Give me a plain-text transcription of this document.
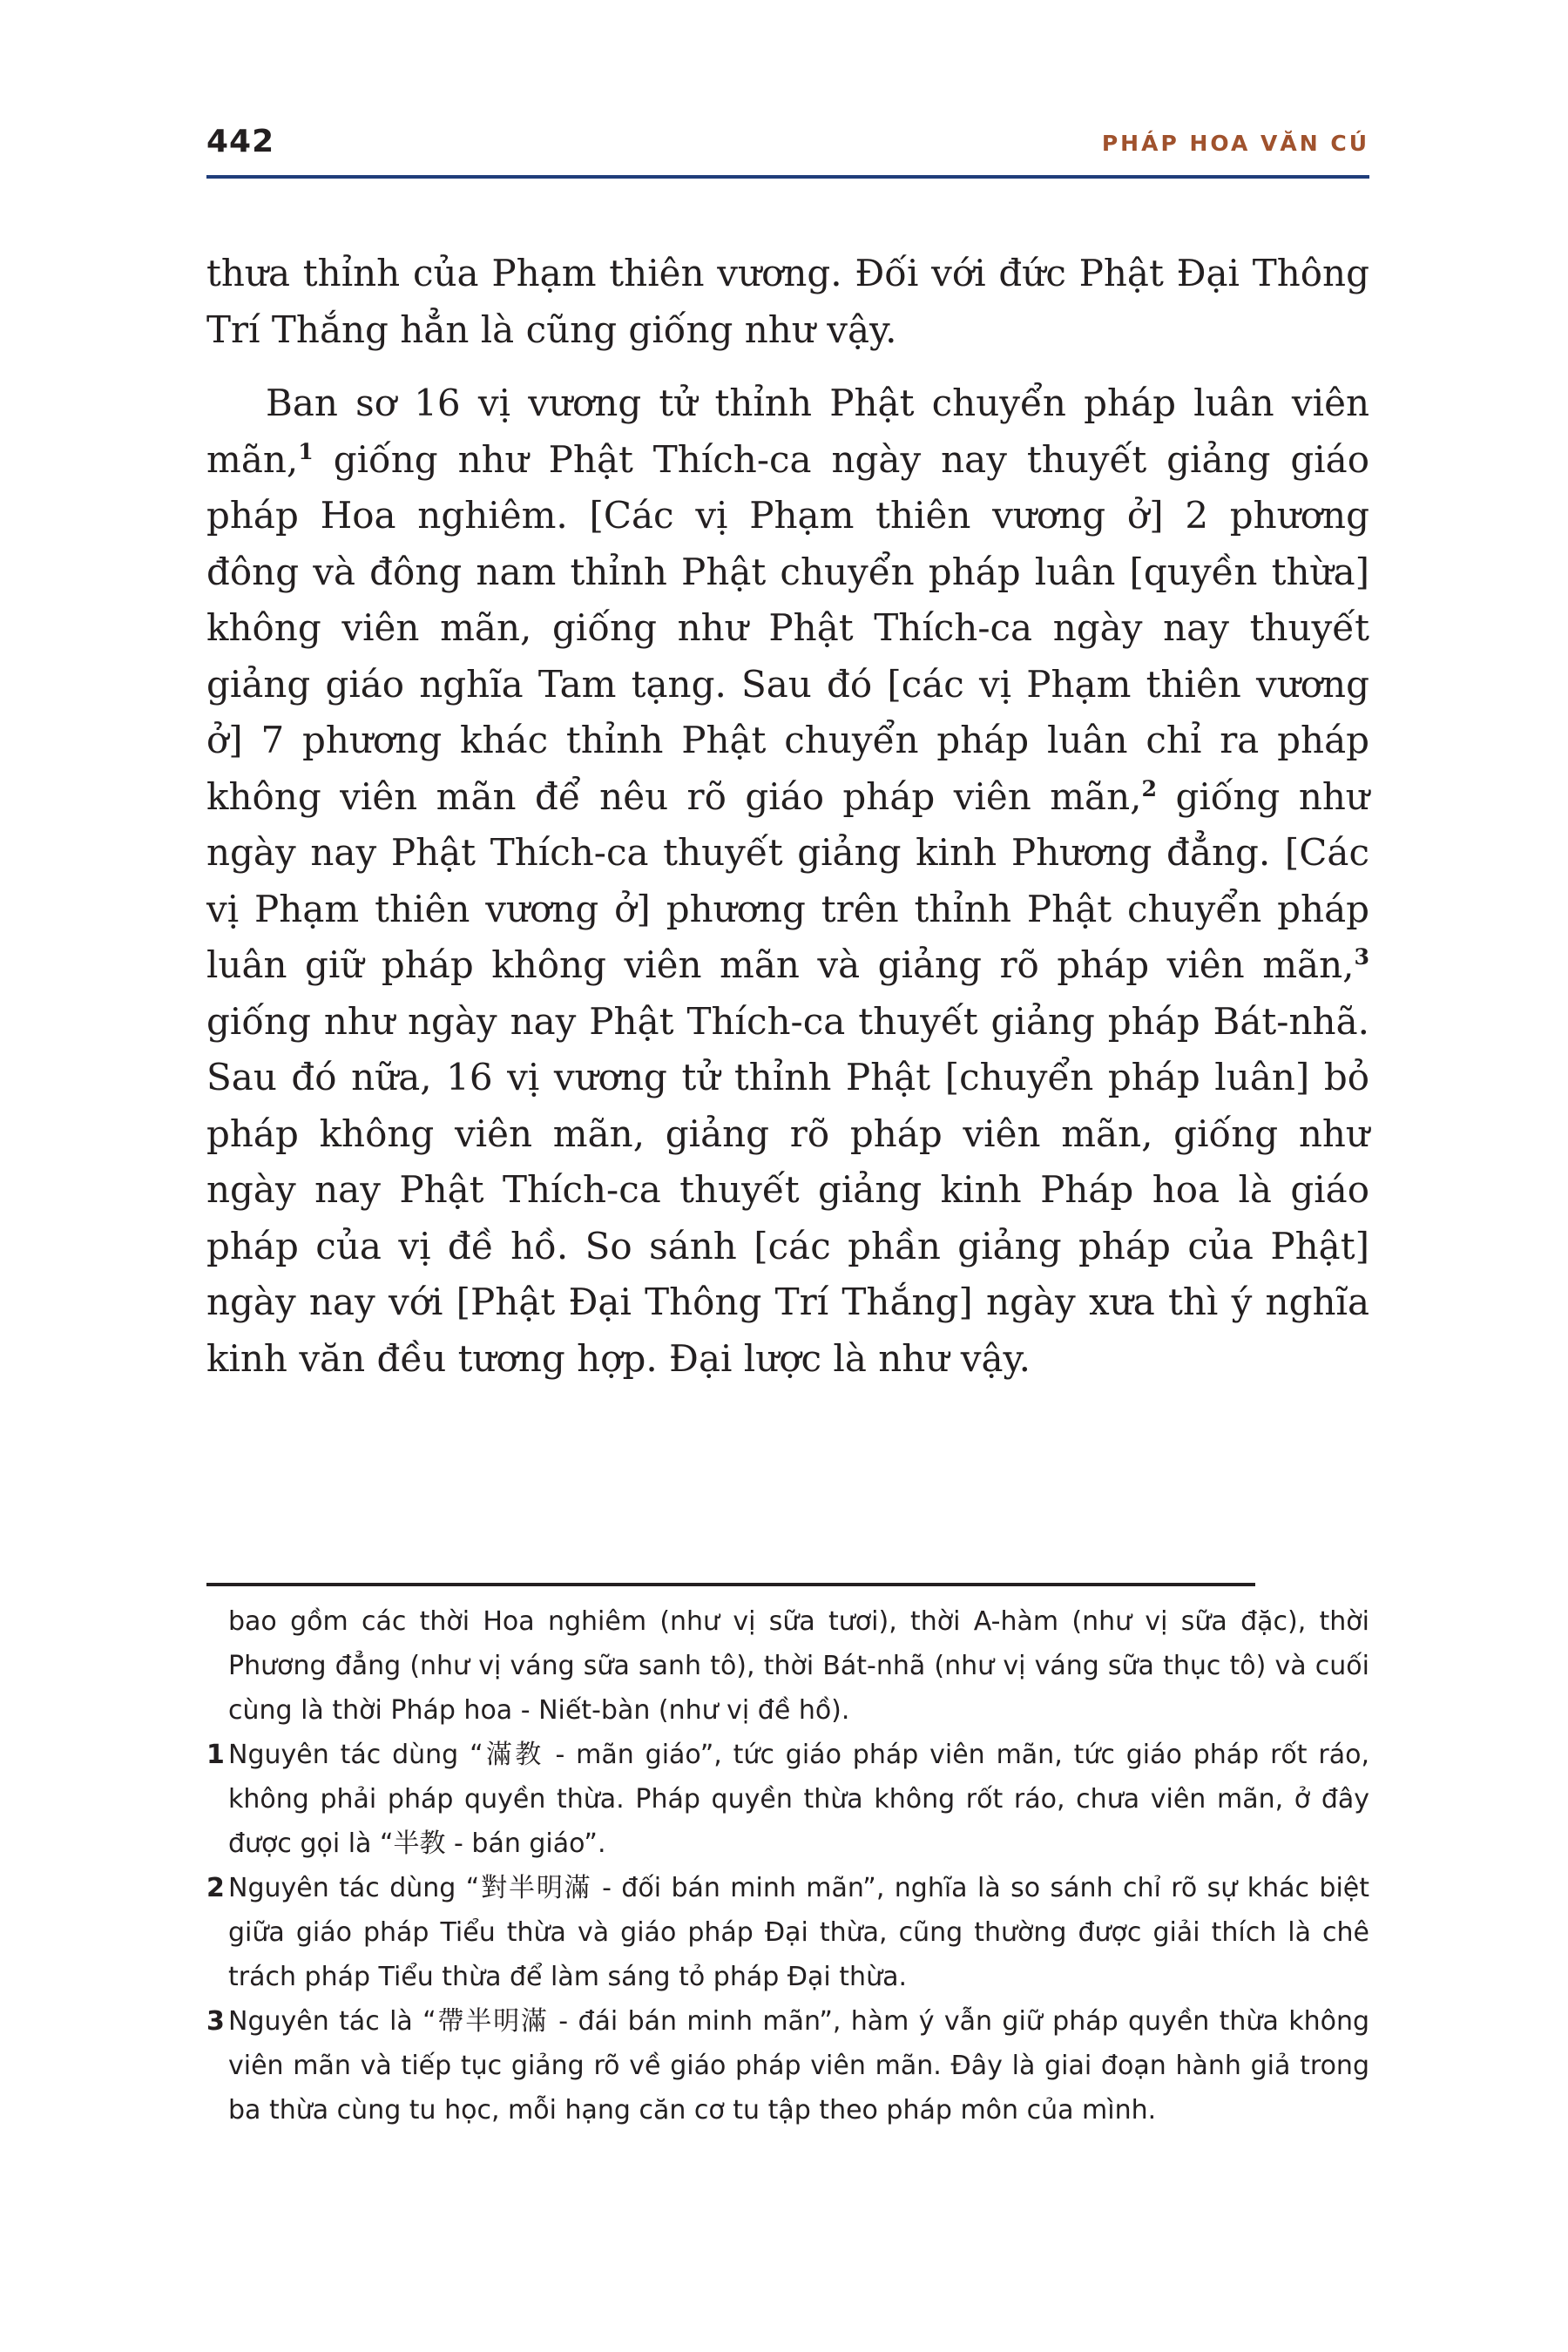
442	PHÁP HOA VĂN CÚ

thưa thỉnh của Phạm thiên vương. Đối với đức Phật Đại Thông Trí Thắng hẳn là cũng giống như vậy.

Ban sơ 16 vị vương tử thỉnh Phật chuyển pháp luân viên mãn,$^1$ giống như Phật Thích-ca ngày nay thuyết giảng giáo pháp Hoa nghiêm. [Các vị Phạm thiên vương ở] 2 phương đông và đông nam thỉnh Phật chuyển pháp luân [quyền thừa] không viên mãn, giống như Phật Thích-ca ngày nay thuyết giảng giáo nghĩa Tam tạng. Sau đó [các vị Phạm thiên vương ở] 7 phương khác thỉnh Phật chuyển pháp luân chỉ ra pháp không viên mãn để nêu rõ giáo pháp viên mãn,$^2$ giống như ngày nay Phật Thích-ca thuyết giảng kinh Phương đẳng. [Các vị Phạm thiên vương ở] phương trên thỉnh Phật chuyển pháp luân giữ pháp không viên mãn và giảng rõ pháp viên mãn,$^3$ giống như ngày nay Phật Thích-ca thuyết giảng pháp Bát-nhã. Sau đó nữa, 16 vị vương tử thỉnh Phật [chuyển pháp luân] bỏ pháp không viên mãn, giảng rõ pháp viên mãn, giống như ngày nay Phật Thích-ca thuyết giảng kinh Pháp hoa là giáo pháp của vị đề hồ. So sánh [các phần giảng pháp của Phật] ngày nay với [Phật Đại Thông Trí Thắng] ngày xưa thì ý nghĩa kinh văn đều tương hợp. Đại lược là như vậy.

bao gồm các thời Hoa nghiêm (như vị sữa tươi), thời A-hàm (như vị sữa đặc), thời Phương đẳng (như vị váng sữa sanh tô), thời Bát-nhã (như vị váng sữa thục tô) và cuối cùng là thời Pháp hoa - Niết-bàn (như vị đề hồ).

1 Nguyên tác dùng “滿教 - mãn giáo”, tức giáo pháp viên mãn, tức giáo pháp rốt ráo, không phải pháp quyền thừa. Pháp quyền thừa không rốt ráo, chưa viên mãn, ở đây được gọi là “半教 - bán giáo”.

2 Nguyên tác dùng “對半明滿 - đối bán minh mãn”, nghĩa là so sánh chỉ rõ sự khác biệt giữa giáo pháp Tiểu thừa và giáo pháp Đại thừa, cũng thường được giải thích là chê trách pháp Tiểu thừa để làm sáng tỏ pháp Đại thừa.

3 Nguyên tác là “帶半明滿 - đái bán minh mãn”, hàm ý vẫn giữ pháp quyền thừa không viên mãn và tiếp tục giảng rõ về giáo pháp viên mãn. Đây là giai đoạn hành giả trong ba thừa cùng tu học, mỗi hạng căn cơ tu tập theo pháp môn của mình.
